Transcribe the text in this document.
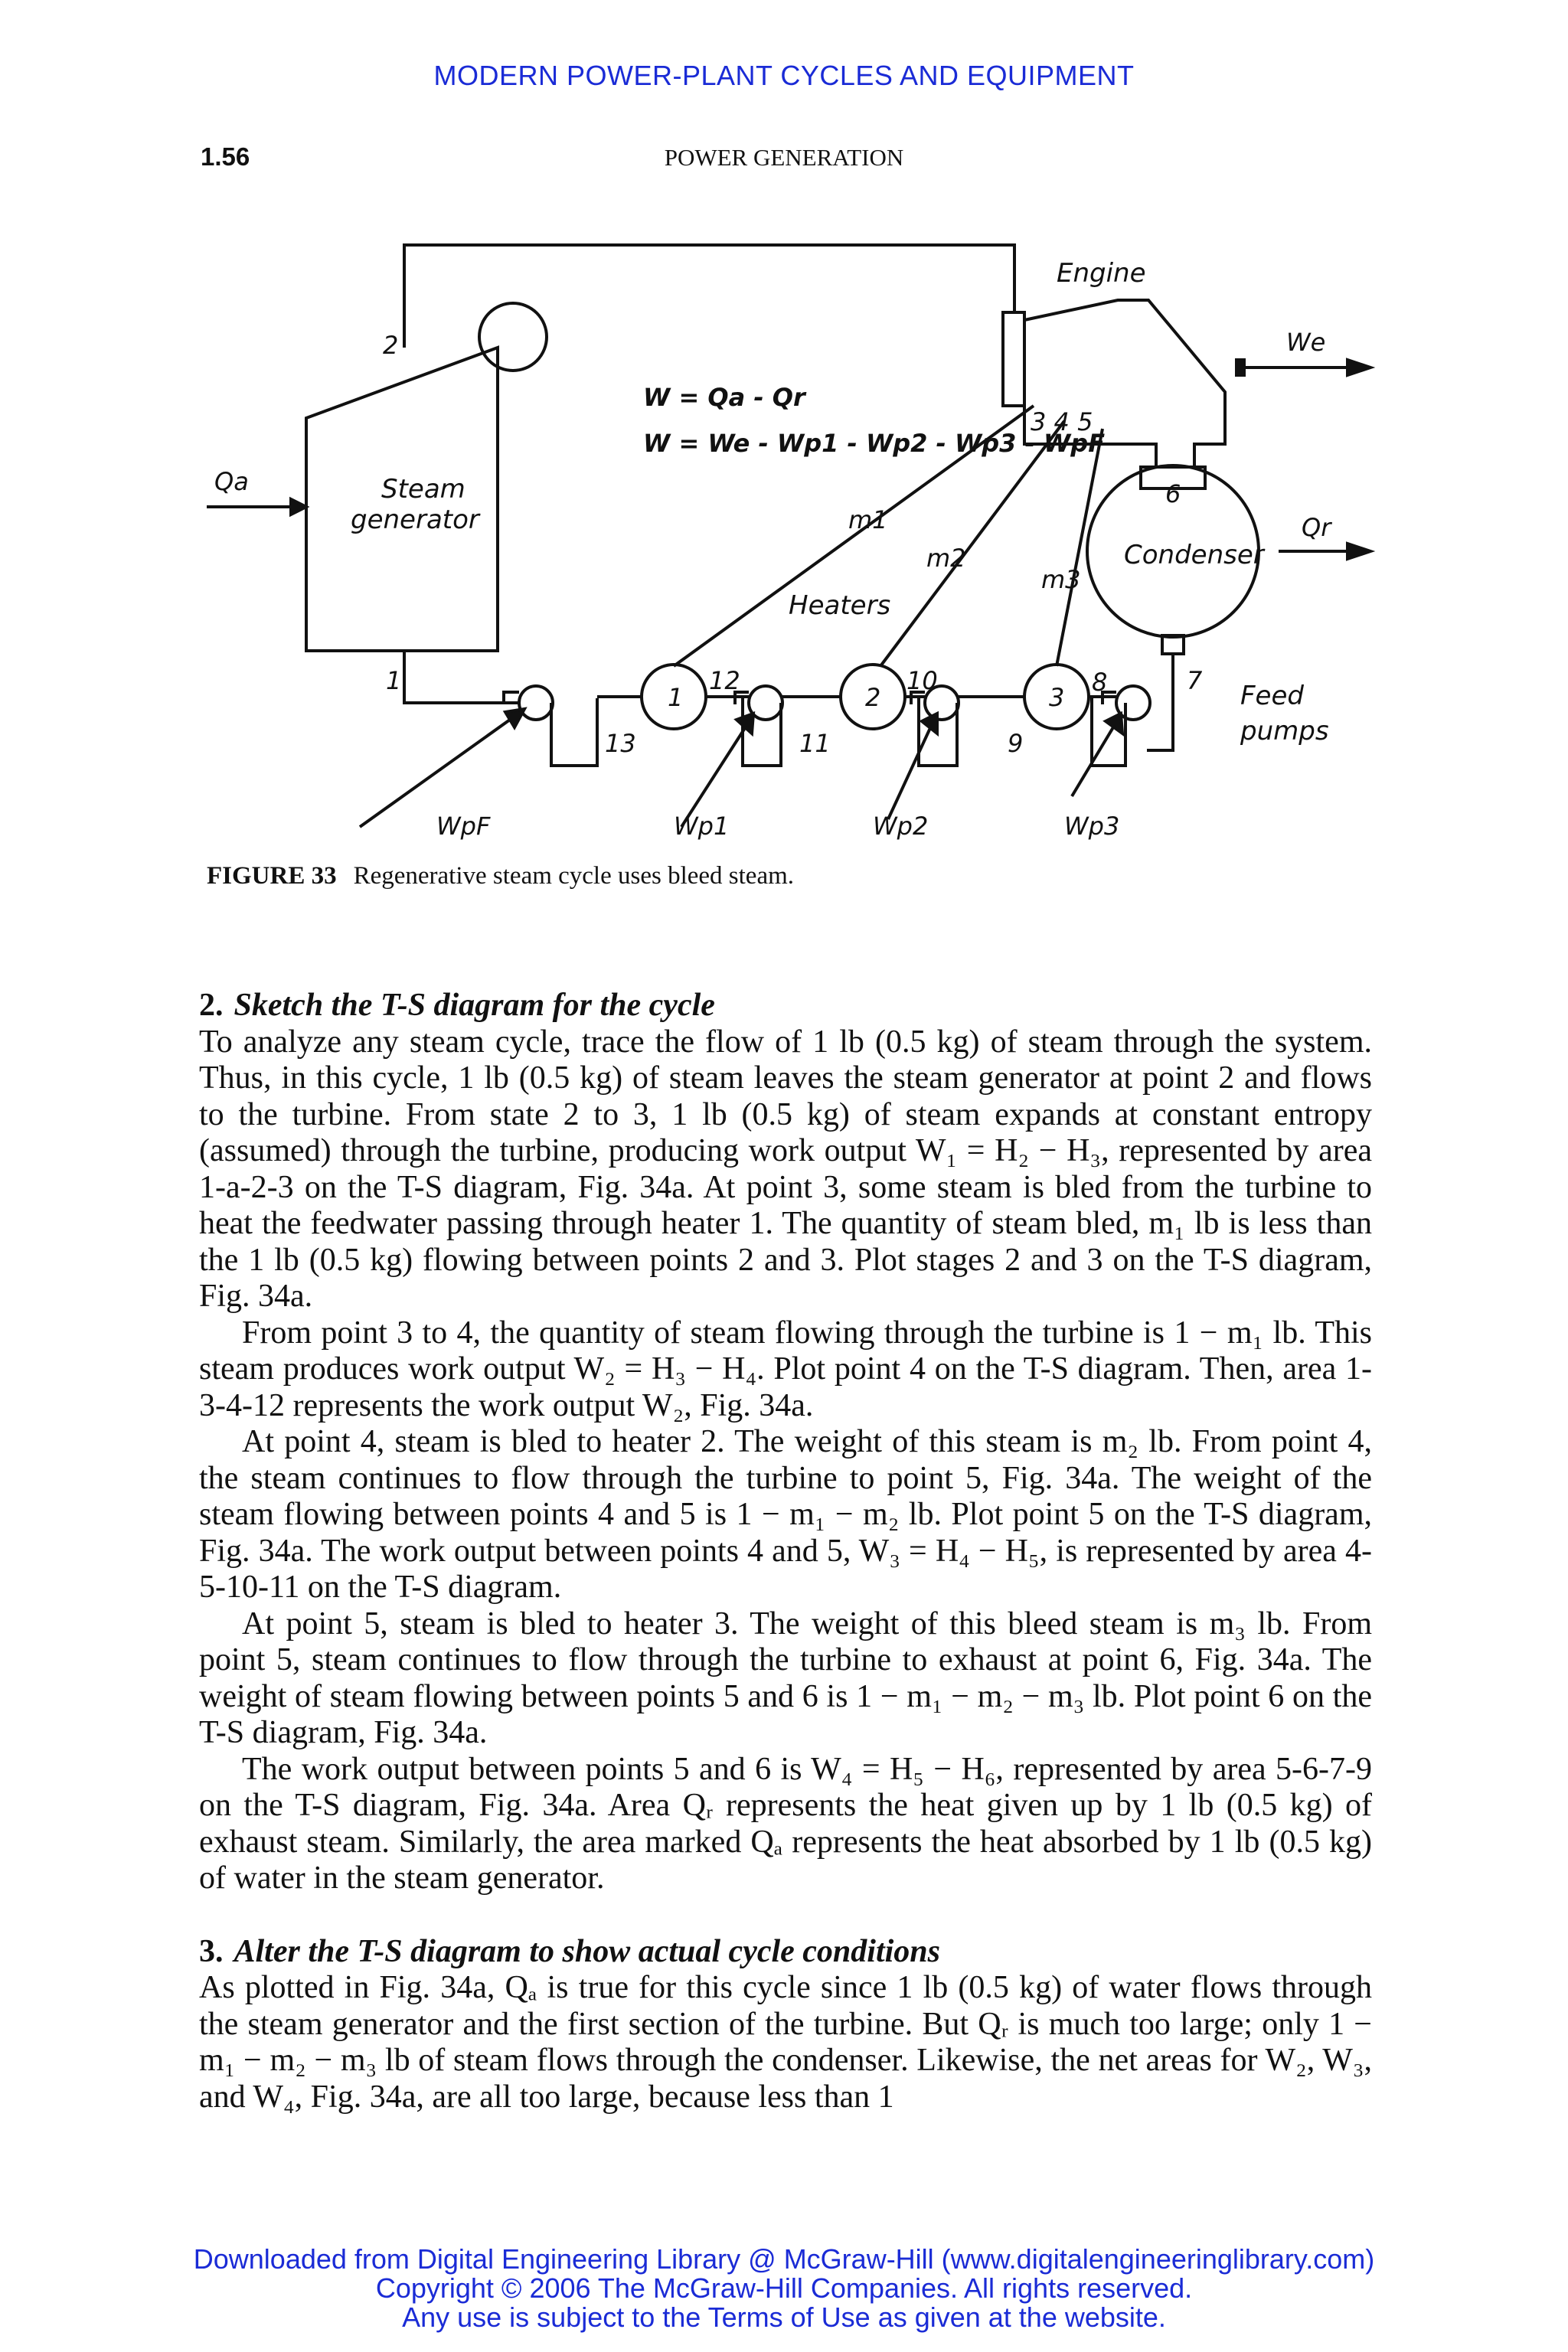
MODERN POWER-PLANT CYCLES AND EQUIPMENT
1.56	POWER GENERATION
Engine
W = Qa - Qr
W = We - Wp1 - Wp2 - Wp3 - WpF
Steam
generator
Condenser
Heaters
Feed
pumps
Qa
Qr
We
m1
m2
m3
WpF	Wp1	Wp2	Wp3
1
2
3 4 5
6
7
8
9
10
11
12
13
1	2	3
FIGURE 33 Regenerative steam cycle uses bleed steam.

2. Sketch the T-S diagram for the cycle

To analyze any steam cycle, trace the flow of 1 lb (0.5 kg) of steam through the system. Thus, in this cycle, 1 lb (0.5 kg) of steam leaves the steam generator at point 2 and flows to the turbine. From state 2 to 3, 1 lb (0.5 kg) of steam expands at constant entropy (assumed) through the turbine, producing work output W₁ = H₂ − H₃, represented by area 1-a-2-3 on the T-S diagram, Fig. 34a. At point 3, some steam is bled from the turbine to heat the feedwater passing through heater 1. The quantity of steam bled, m₁ lb is less than the 1 lb (0.5 kg) flowing between points 2 and 3. Plot stages 2 and 3 on the T-S diagram, Fig. 34a.

From point 3 to 4, the quantity of steam flowing through the turbine is 1 − m₁ lb. This steam produces work output W₂ = H₃ − H₄. Plot point 4 on the T-S diagram. Then, area 1-3-4-12 represents the work output W₂, Fig. 34a.

At point 4, steam is bled to heater 2. The weight of this steam is m₂ lb. From point 4, the steam continues to flow through the turbine to point 5, Fig. 34a. The weight of the steam flowing between points 4 and 5 is 1 − m₁ − m₂ lb. Plot point 5 on the T-S diagram, Fig. 34a. The work output between points 4 and 5, W₃ = H₄ − H₅, is represented by area 4-5-10-11 on the T-S diagram.

At point 5, steam is bled to heater 3. The weight of this bleed steam is m₃ lb. From point 5, steam continues to flow through the turbine to exhaust at point 6, Fig. 34a. The weight of steam flowing between points 5 and 6 is 1 − m₁ − m₂ − m₃ lb. Plot point 6 on the T-S diagram, Fig. 34a.

The work output between points 5 and 6 is W₄ = H₅ − H₆, represented by area 5-6-7-9 on the T-S diagram, Fig. 34a. Area Qᵣ represents the heat given up by 1 lb (0.5 kg) of exhaust steam. Similarly, the area marked Qₐ represents the heat absorbed by 1 lb (0.5 kg) of water in the steam generator.

3. Alter the T-S diagram to show actual cycle conditions

As plotted in Fig. 34a, Qₐ is true for this cycle since 1 lb (0.5 kg) of water flows through the steam generator and the first section of the turbine. But Qᵣ is much too large; only 1 − m₁ − m₂ − m₃ lb of steam flows through the condenser. Likewise, the net areas for W₂, W₃, and W₄, Fig. 34a, are all too large, because less than 1

Downloaded from Digital Engineering Library @ McGraw-Hill (www.digitalengineeringlibrary.com)
Copyright © 2006 The McGraw-Hill Companies. All rights reserved.
Any use is subject to the Terms of Use as given at the website.
